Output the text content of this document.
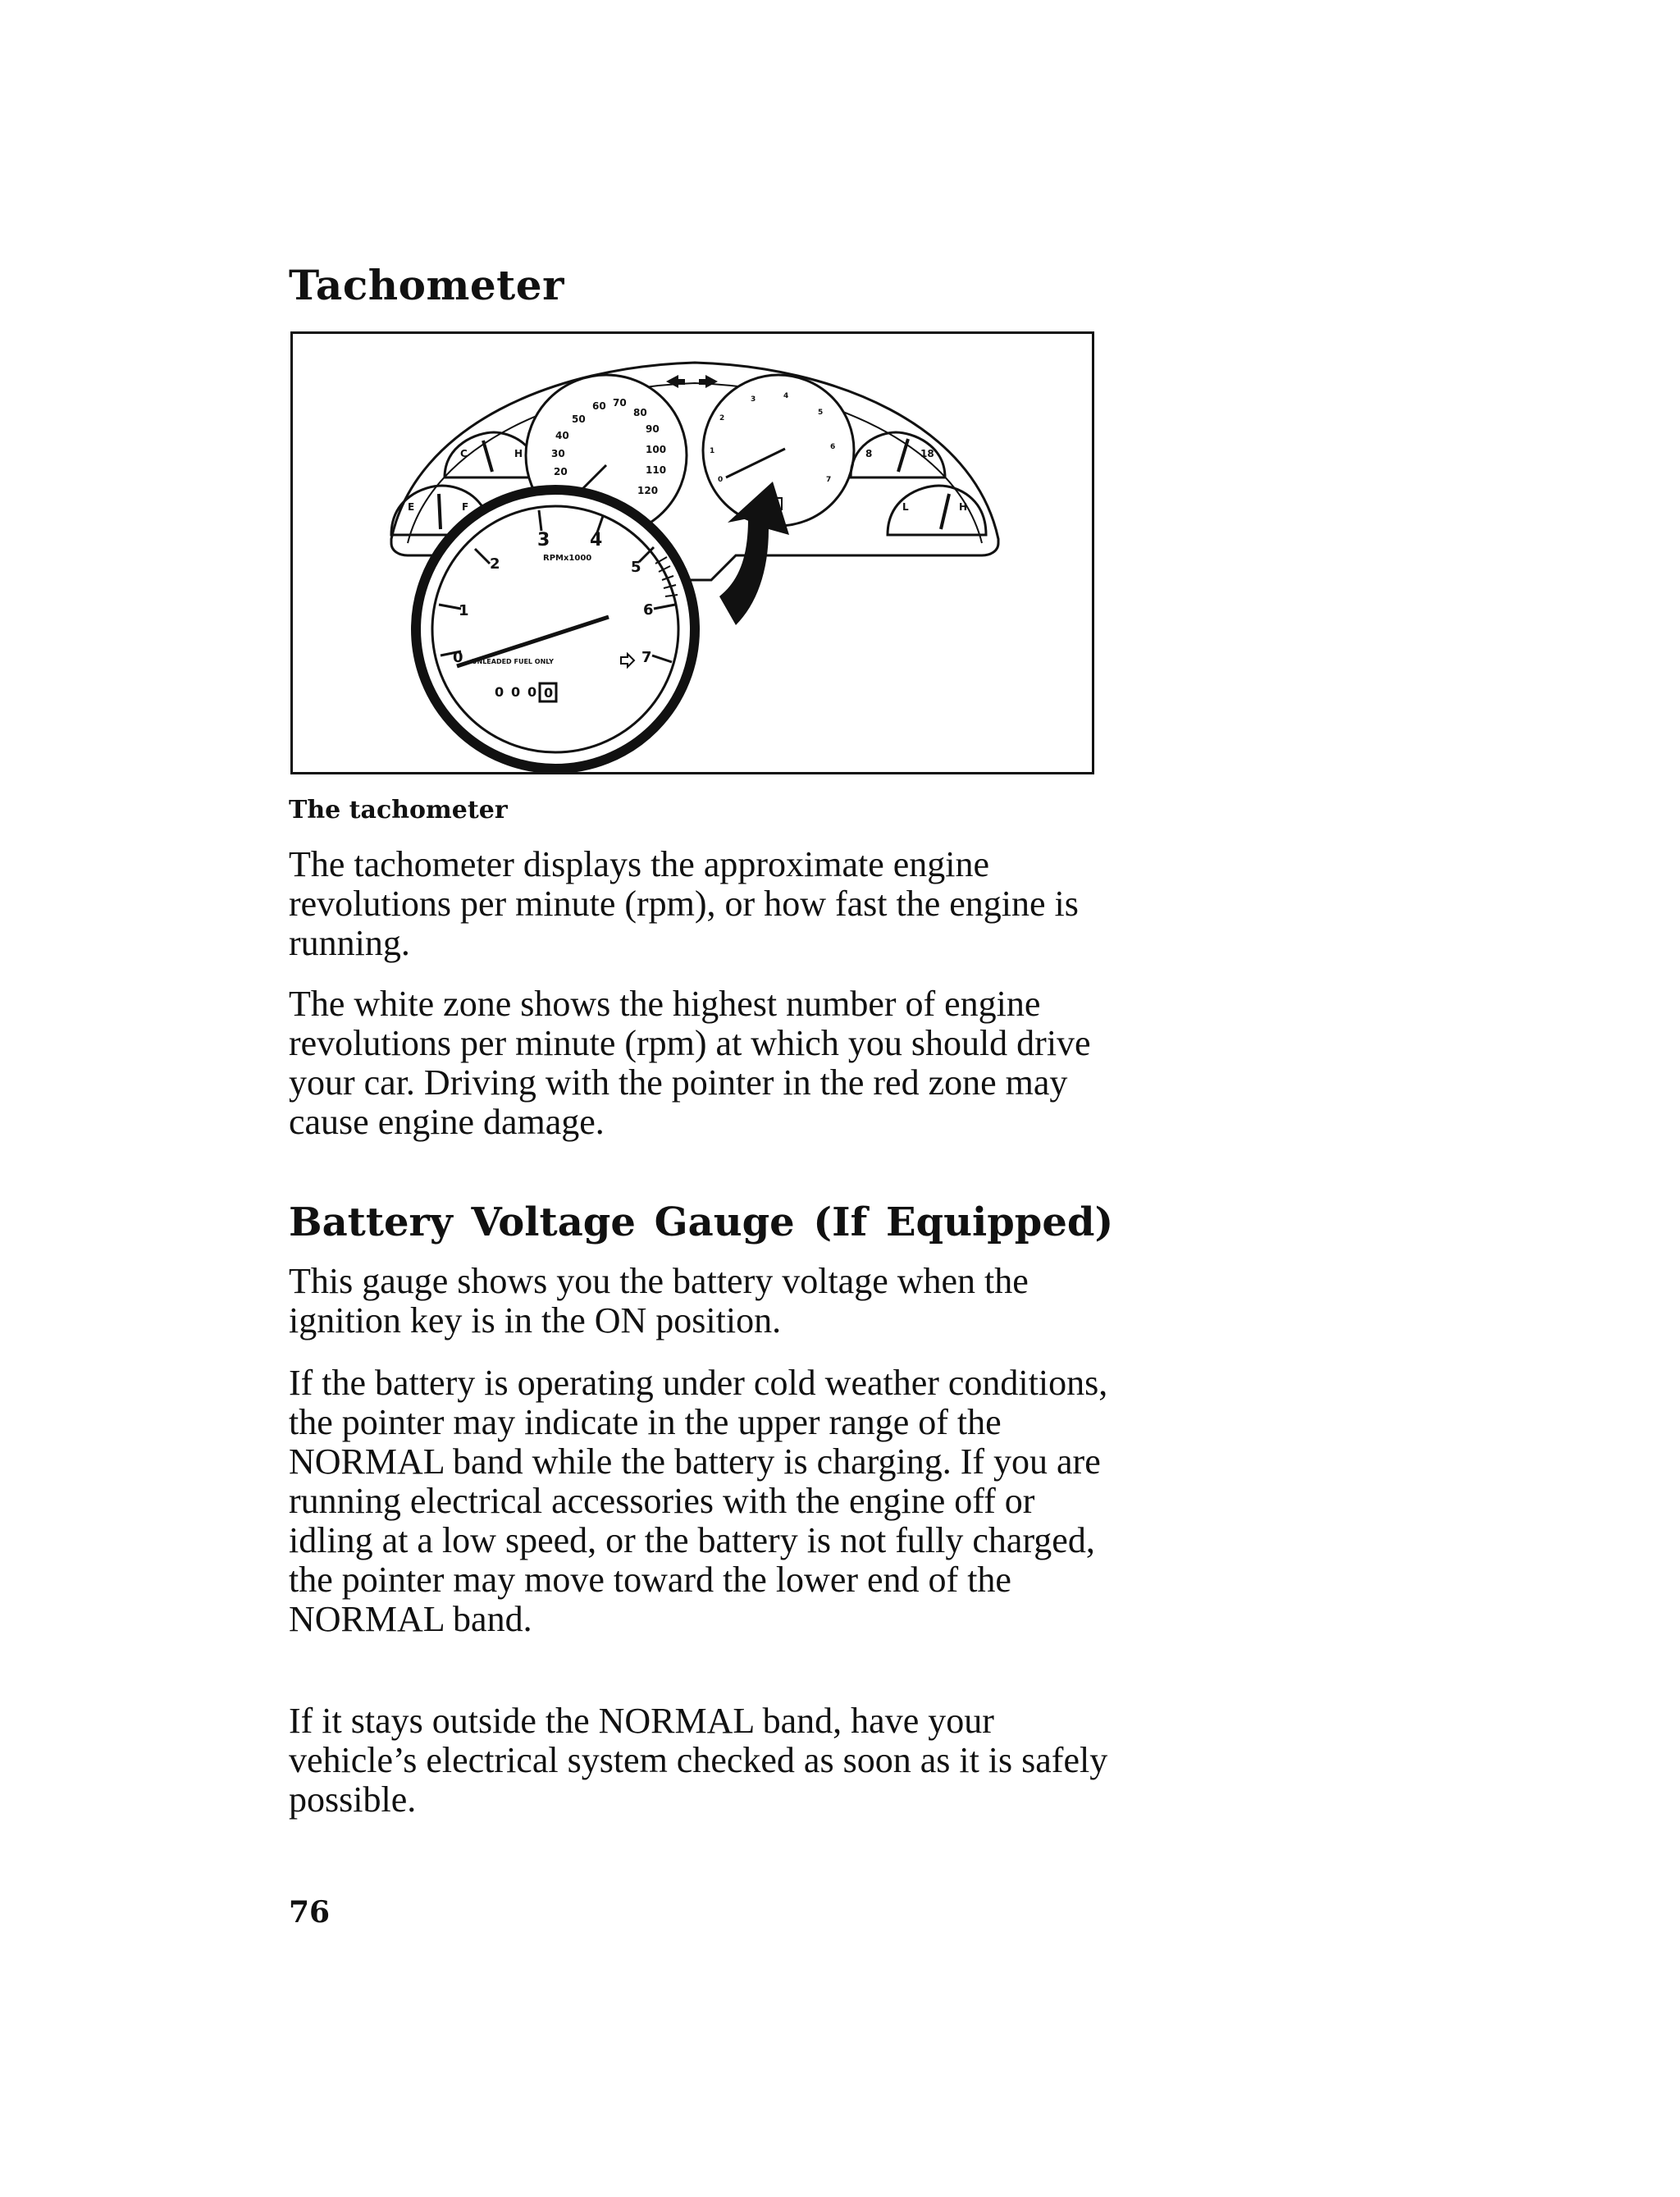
Tachometer
C	H
E	F
20
30
40
50
60 70
80
90
100
110
120
0
1
2
3	4
5
6
7
8	18
L	H
0
1
2
3 4
5
6
7
RPMx1000
UNLEADED FUEL ONLY
0 0 0 0
The tachometer

The tachometer displays the approximate engine revolutions per minute (rpm), or how fast the engine is running.

The white zone shows the highest number of engine revolutions per minute (rpm) at which you should drive your car. Driving with the pointer in the red zone may cause engine damage.

Battery Voltage Gauge (If Equipped)

This gauge shows you the battery voltage when the ignition key is in the ON position.

If the battery is operating under cold weather conditions, the pointer may indicate in the upper range of the NORMAL band while the battery is charging. If you are running electrical accessories with the engine off or idling at a low speed, or the battery is not fully charged, the pointer may move toward the lower end of the NORMAL band.

If it stays outside the NORMAL band, have your vehicle’s electrical system checked as soon as it is safely possible.

76
